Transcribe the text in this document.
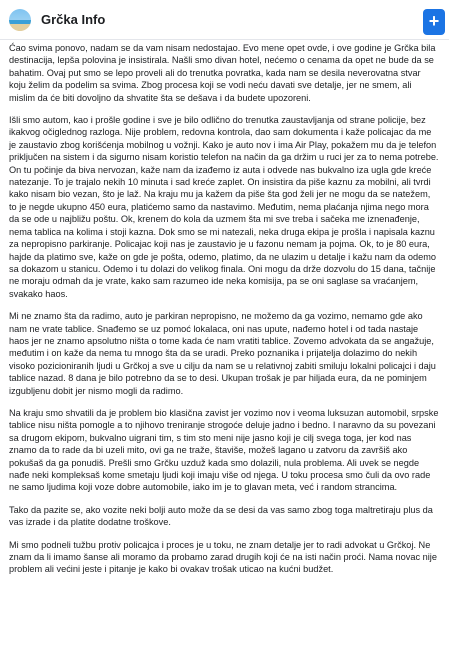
Grčka Info	+

Ćao svima ponovo, nadam se da vam nisam nedostajao. Evo mene opet ovde, i ove godine je Grčka bila destinacija, lepša polovina je insistirala. Našli smo divan hotel, nećemo o cenama da opet ne bude da se bahatim. Ovaj put smo se lepo proveli ali do trenutka povratka, kada nam se desila neverovatna stvar koju želim da podelim sa svima. Zbog procesa koji se vodi neću davati sve detalje, jer ne smem, ali mislim da će biti dovoljno da shvatite šta se dešava i da budete upozoreni.

Išli smo autom, kao i prošle godine i sve je bilo odlično do trenutka zaustavljanja od strane policije, bez ikakvog očiglednog razloga. Nije problem, redovna kontrola, dao sam dokumenta i kaže policajac da me je zaustavio zbog korišćenja mobilnog u vožnji. Kako je auto nov i ima Air Play, pokažem mu da je telefon priključen na sistem i da sigurno nisam koristio telefon na način da ga držim u ruci jer za to nema potrebe. On tu počinje da biva nervozan, kaže nam da izađemo iz auta i odvede nas bukvalno iza ugla gde kreće natezanje. To je trajalo nekih 10 minuta i sad kreće zaplet. On insistira da piše kaznu za mobilni, ali tvrdi kako nisam bio vezan, što je laž. Na kraju mu ja kažem da piše šta god želi jer ne mogu da se natežem, to je negde ukupno 450 eura, platićemo samo da nastavimo. Međutim, nema plaćanja njima nego mora da se ode u najbližu poštu. Ok, krenem do kola da uzmem šta mi sve treba i sačeka me iznenađenje, nema tablica na kolima i stoji kazna. Dok smo se mi natezali, neka druga ekipa je prošla i napisala kaznu za nepropisno parkiranje. Policajac koji nas je zaustavio je u fazonu nemam ja pojma. Ok, to je 80 eura, hajde da platimo sve, kaže on gde je pošta, odemo, platimo, da ne ulazim u detalje i kažu nam da odemo sa dokazom u stanicu. Odemo i tu dolazi do velikog finala. Oni mogu da drže dozvolu do 15 dana, tačnije ne moraju odmah da je vrate, kako sam razumeo ide neka komisija, pa se oni saglase sa vraćanjem, svakako haos.

Mi ne znamo šta da radimo, auto je parkiran nepropisno, ne možemo da ga vozimo, nemamo gde ako nam ne vrate tablice. Snađemo se uz pomoć lokalaca, oni nas upute, nađemo hotel i od tada nastaje haos jer ne znamo apsolutno ništa o tome kada će nam vratiti tablice. Zovemo advokata da se angažuje, međutim i on kaže da nema tu mnogo šta da se uradi. Preko poznanika i prijatelja dolazimo do nekih visoko pozicioniranih ljudi u Grčkoj a sve u cilju da nam se u relativnoj zabiti smiluju lokalni policajci i daju tablice nazad. 8 dana je bilo potrebno da se to desi. Ukupan trošak je par hiljada eura, da ne pominjem izgubljenu dobit jer nismo mogli da radimo.

Na kraju smo shvatili da je problem bio klasična zavist jer vozimo nov i veoma luksuzan automobil, srpske tablice nisu ništa pomogle a to njihovo treniranje strogoće deluje jadno i bedno. I naravno da su povezani sa drugom ekipom, bukvalno uigrani tim, s tim sto meni nije jasno koji je cilj svega toga, jer kod nas znamo da to rade da bi uzeli mito, ovi ga ne traže, štaviše, možeš lagano u zatvoru da završiš ako pokušaš da ga ponudiš. Prešli smo Grčku uzduž kada smo dolazili, nula problema. Ali uvek se negde nađe neki kompleksaš kome smetaju ljudi koji imaju više od njega. U toku procesa smo čuli da ovo rade ne samo ljudima koji voze dobre automobile, iako im je to glavan meta, već i random strancima.

Tako da pazite se, ako vozite neki bolji auto može da se desi da vas samo zbog toga maltretiraju plus da vas izrade i da platite dodatne troškove.

Mi smo podneli tužbu protiv policajca i proces je u toku, ne znam detalje jer to radi advokat u Grčkoj. Ne znam da li imamo šanse ali moramo da probamo zarad drugih koji će na isti način proći. Nama novac nije problem ali većini jeste i pitanje je kako bi ovakav trošak uticao na kućni budžet.
